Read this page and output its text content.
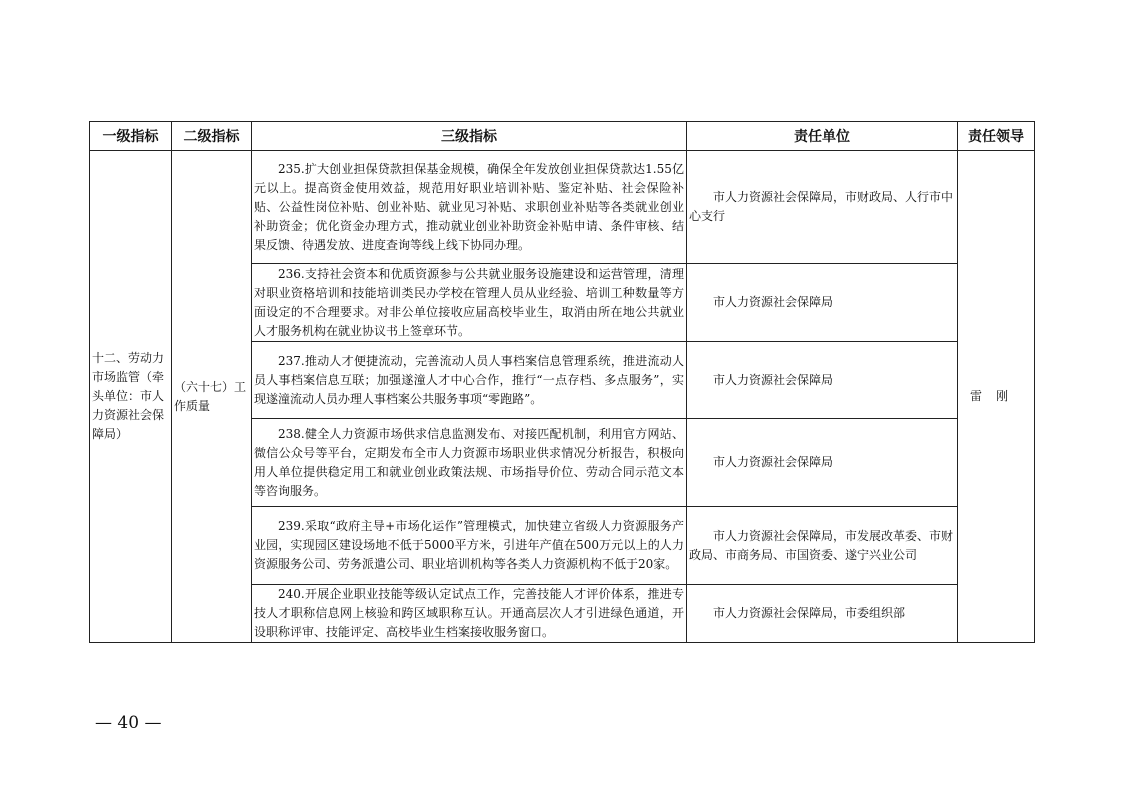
一级指标	二级指标	三级指标	责任单位	责任领导
十二、劳动力市场监管（牵头单位：市人力资源社会保障局）	（六十七）工作质量	235.扩大创业担保贷款担保基金规模，确保全年发放创业担保贷款达1.55亿元以上。提高资金使用效益，规范用好职业培训补贴、鉴定补贴、社会保险补贴、公益性岗位补贴、创业补贴、就业见习补贴、求职创业补贴等各类就业创业补助资金；优化资金办理方式，推动就业创业补助资金补贴申请、条件审核、结果反馈、待遇发放、进度查询等线上线下协同办理。	市人力资源社会保障局，市财政局、人行市中心支行	雷刚
		236.支持社会资本和优质资源参与公共就业服务设施建设和运营管理，清理对职业资格培训和技能培训类民办学校在管理人员从业经验、培训工种数量等方面设定的不合理要求。对非公单位接收应届高校毕业生，取消由所在地公共就业人才服务机构在就业协议书上签章环节。	市人力资源社会保障局	
		237.推动人才便捷流动，完善流动人员人事档案信息管理系统，推进流动人员人事档案信息互联；加强遂潼人才中心合作，推行“一点存档、多点服务”，实现遂潼流动人员办理人事档案公共服务事项“零跑路”。	市人力资源社会保障局	
		238.健全人力资源市场供求信息监测发布、对接匹配机制，利用官方网站、微信公众号等平台，定期发布全市人力资源市场职业供求情况分析报告，积极向用人单位提供稳定用工和就业创业政策法规、市场指导价位、劳动合同示范文本等咨询服务。	市人力资源社会保障局	
		239.采取“政府主导+市场化运作”管理模式，加快建立省级人力资源服务产业园，实现园区建设场地不低于5000平方米，引进年产值在500万元以上的人力资源服务公司、劳务派遣公司、职业培训机构等各类人力资源机构不低于20家。	市人力资源社会保障局，市发展改革委、市财政局、市商务局、市国资委、遂宁兴业公司	
		240.开展企业职业技能等级认定试点工作，完善技能人才评价体系，推进专技人才职称信息网上核验和跨区域职称互认。开通高层次人才引进绿色通道，开设职称评审、技能评定、高校毕业生档案接收服务窗口。	市人力资源社会保障局，市委组织部	
— 40 —
